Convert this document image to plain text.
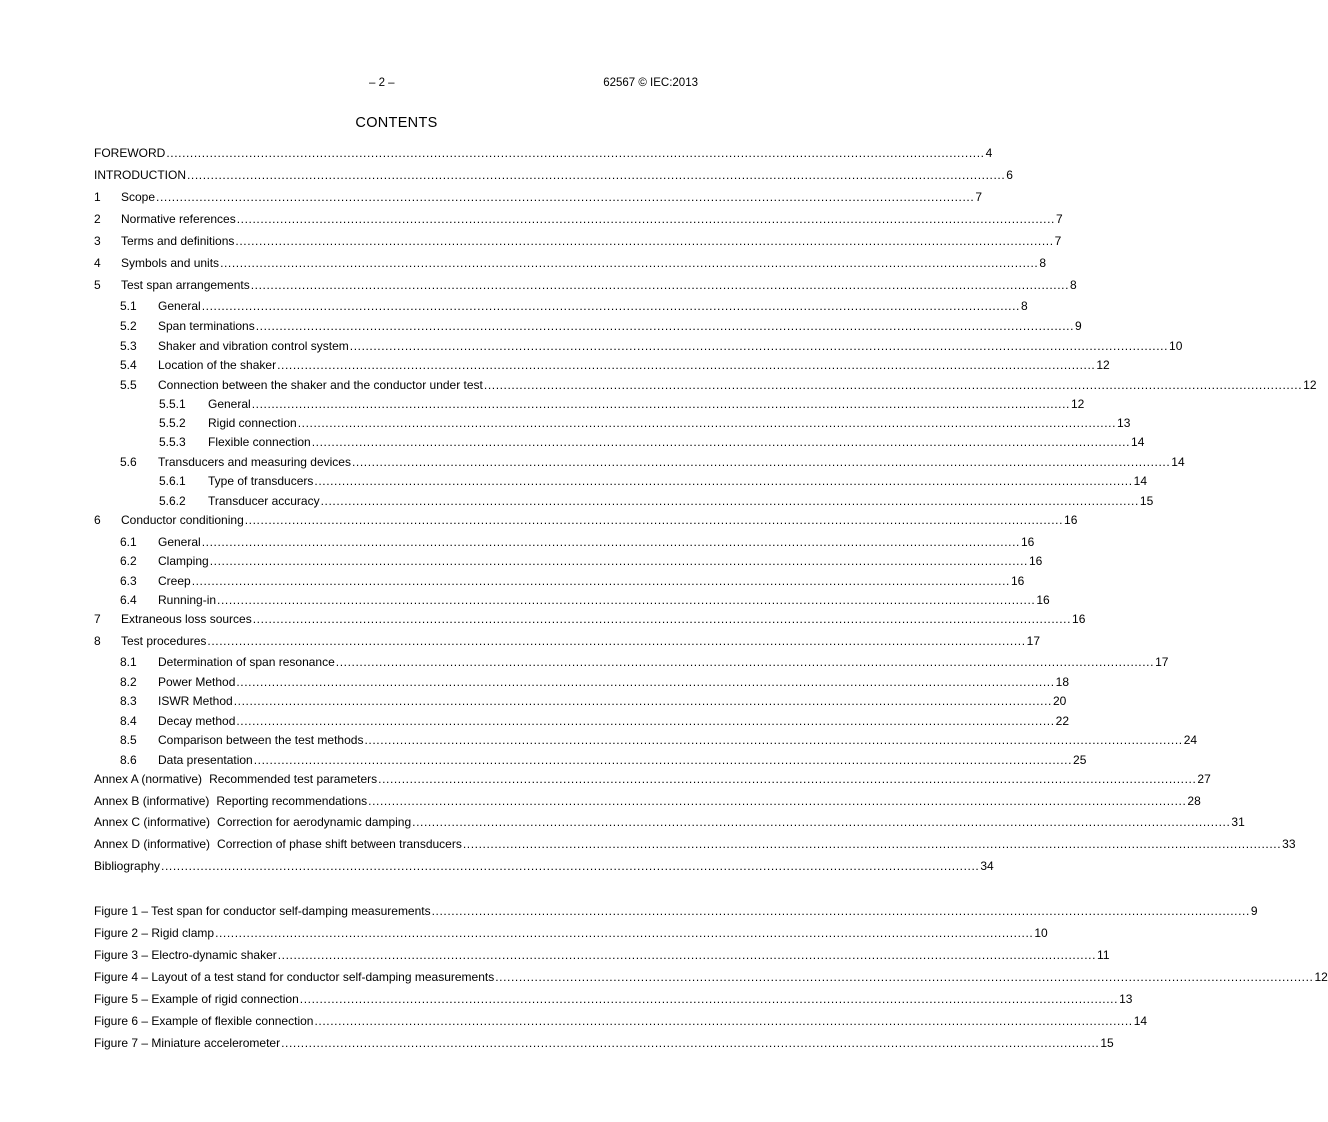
– 2 –	62567 © IEC:2013
CONTENTS
FOREWORD ................................................................................................................................................................................................................ 4
INTRODUCTION ................................................................................................................................................................................................................ 6
1	Scope ................................................................................................................................................................................................................ 7
2	Normative references ................................................................................................................................................................................................................ 7
3	Terms and definitions ................................................................................................................................................................................................................ 7
4	Symbols and units ................................................................................................................................................................................................................ 8
5	Test span arrangements ................................................................................................................................................................................................................ 8
5.1	General ................................................................................................................................................................................................................ 8
5.2	Span terminations ................................................................................................................................................................................................................ 9
5.3	Shaker and vibration control system ................................................................................................................................................................................................................ 10
5.4	Location of the shaker ................................................................................................................................................................................................................ 12
5.5	Connection between the shaker and the conductor under test ................................................................................................................................................................................................................ 12
5.5.1	General ................................................................................................................................................................................................................ 12
5.5.2	Rigid connection ................................................................................................................................................................................................................ 13
5.5.3	Flexible connection ................................................................................................................................................................................................................ 14
5.6	Transducers and measuring devices ................................................................................................................................................................................................................ 14
5.6.1	Type of transducers ................................................................................................................................................................................................................ 14
5.6.2	Transducer accuracy ................................................................................................................................................................................................................ 15
6	Conductor conditioning ................................................................................................................................................................................................................ 16
6.1	General ................................................................................................................................................................................................................ 16
6.2	Clamping ................................................................................................................................................................................................................ 16
6.3	Creep ................................................................................................................................................................................................................ 16
6.4	Running-in ................................................................................................................................................................................................................ 16
7	Extraneous loss sources ................................................................................................................................................................................................................ 16
8	Test procedures ................................................................................................................................................................................................................ 17
8.1	Determination of span resonance ................................................................................................................................................................................................................ 17
8.2	Power Method ................................................................................................................................................................................................................ 18
8.3	ISWR Method ................................................................................................................................................................................................................ 20
8.4	Decay method ................................................................................................................................................................................................................ 22
8.5	Comparison between the test methods ................................................................................................................................................................................................................ 24
8.6	Data presentation ................................................................................................................................................................................................................ 25
Annex A (normative) Recommended test parameters ................................................................................................................................................................................................................ 27
Annex B (informative) Reporting recommendations ................................................................................................................................................................................................................ 28
Annex C (informative) Correction for aerodynamic damping ................................................................................................................................................................................................................ 31
Annex D (informative) Correction of phase shift between transducers ................................................................................................................................................................................................................ 33
Bibliography ................................................................................................................................................................................................................ 34
Figure 1 – Test span for conductor self-damping measurements ................................................................................................................................................................................................................ 9
Figure 2 – Rigid clamp ................................................................................................................................................................................................................ 10
Figure 3 – Electro-dynamic shaker ................................................................................................................................................................................................................ 11
Figure 4 – Layout of a test stand for conductor self-damping measurements ................................................................................................................................................................................................................ 12
Figure 5 – Example of rigid connection ................................................................................................................................................................................................................ 13
Figure 6 – Example of flexible connection ................................................................................................................................................................................................................ 14
Figure 7 – Miniature accelerometer ................................................................................................................................................................................................................ 15
